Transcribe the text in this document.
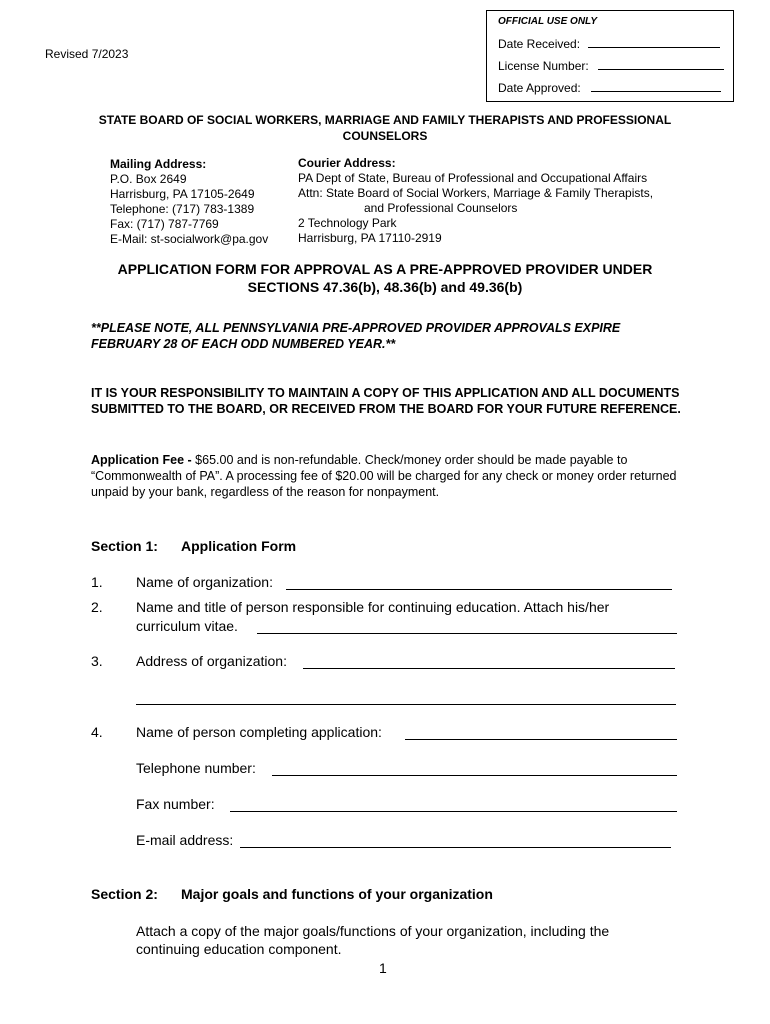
Revised 7/2023
OFFICIAL USE ONLY
Date Received:
License Number:
Date Approved:
STATE BOARD OF SOCIAL WORKERS, MARRIAGE AND FAMILY THERAPISTS AND PROFESSIONAL COUNSELORS
Mailing Address:
P.O. Box 2649
Harrisburg, PA 17105-2649
Telephone: (717) 783-1389
Fax: (717) 787-7769
E-Mail: st-socialwork@pa.gov
Courier Address:
PA Dept of State, Bureau of Professional and Occupational Affairs
Attn: State Board of Social Workers, Marriage & Family Therapists,
and Professional Counselors
2 Technology Park
Harrisburg, PA 17110-2919
APPLICATION FORM FOR APPROVAL AS A PRE-APPROVED PROVIDER UNDER
SECTIONS 47.36(b), 48.36(b) and 49.36(b)
**PLEASE NOTE, ALL PENNSYLVANIA PRE-APPROVED PROVIDER APPROVALS EXPIRE FEBRUARY 28 OF EACH ODD NUMBERED YEAR.**
IT IS YOUR RESPONSIBILITY TO MAINTAIN A COPY OF THIS APPLICATION AND ALL DOCUMENTS SUBMITTED TO THE BOARD, OR RECEIVED FROM THE BOARD FOR YOUR FUTURE REFERENCE.
Application Fee - $65.00 and is non-refundable. Check/money order should be made payable to “Commonwealth of PA”. A processing fee of $20.00 will be charged for any check or money order returned unpaid by your bank, regardless of the reason for nonpayment.
Section 1: Application Form
1. Name of organization:
2. Name and title of person responsible for continuing education. Attach his/her
curriculum vitae.
3. Address of organization:
4. Name of person completing application:
Telephone number:
Fax number:
E-mail address:
Section 2: Major goals and functions of your organization
Attach a copy of the major goals/functions of your organization, including the continuing education component.
1
